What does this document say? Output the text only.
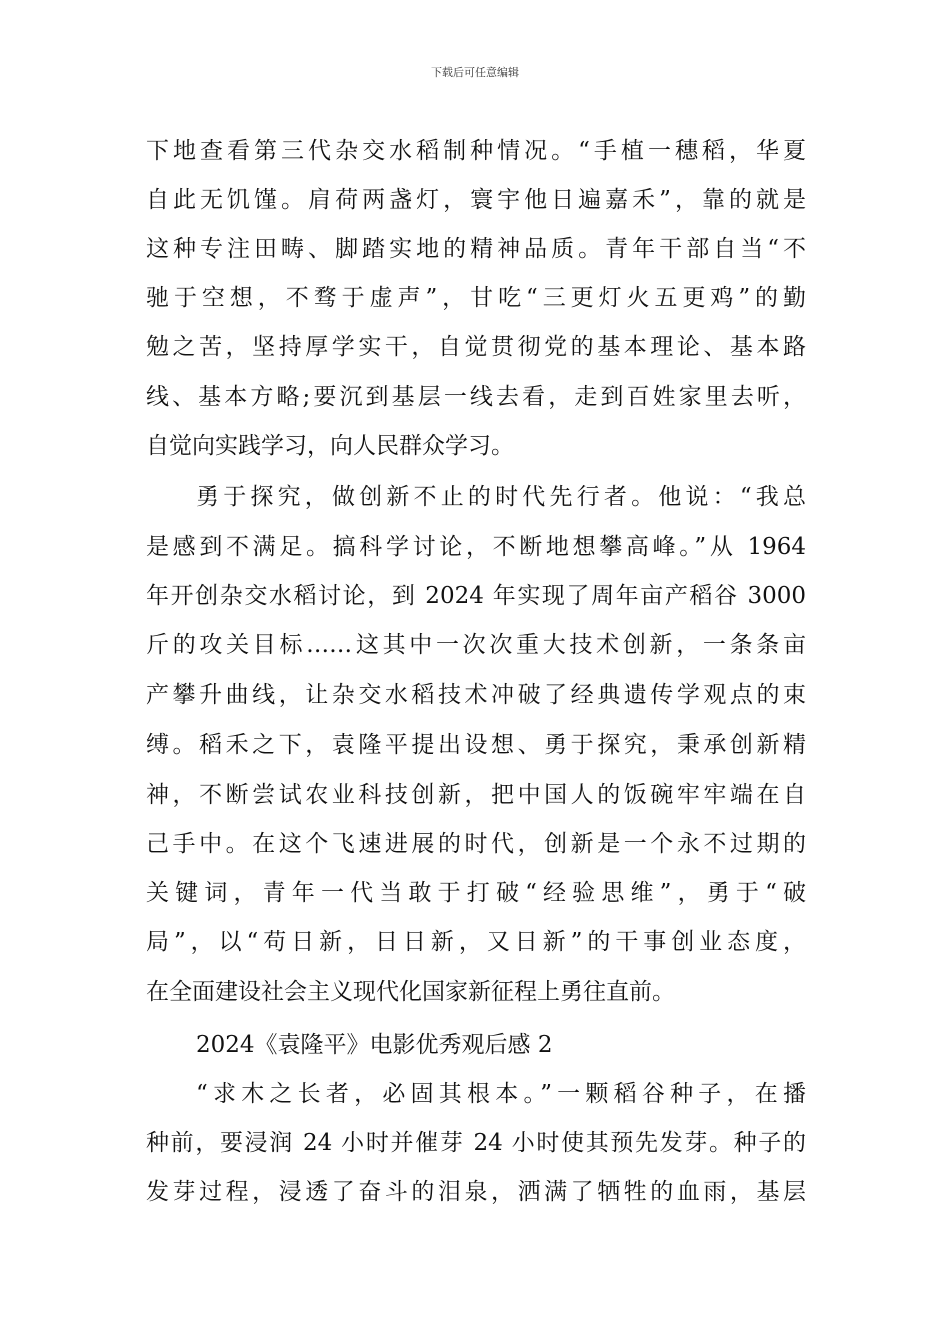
下载后可任意编辑
下地查看第三代杂交水稻制种情况。“手植一穗稻，华夏
自此无饥馑。肩荷两盏灯，寰宇他日遍嘉禾”，靠的就是
这种专注田畴、脚踏实地的精神品质。青年干部自当“不
驰于空想，不骛于虚声”，甘吃“三更灯火五更鸡”的勤
勉之苦，坚持厚学实干，自觉贯彻党的基本理论、基本路
线、基本方略;要沉到基层一线去看，走到百姓家里去听，
自觉向实践学习，向人民群众学习。
勇于探究，做创新不止的时代先行者。他说：“我总
是感到不满足。搞科学讨论，不断地想攀高峰。”从 1964
年开创杂交水稻讨论，到 2024 年实现了周年亩产稻谷 3000
斤的攻关目标……这其中一次次重大技术创新，一条条亩
产攀升曲线，让杂交水稻技术冲破了经典遗传学观点的束
缚。稻禾之下，袁隆平提出设想、勇于探究，秉承创新精
神，不断尝试农业科技创新，把中国人的饭碗牢牢端在自
己手中。在这个飞速进展的时代，创新是一个永不过期的
关键词，青年一代当敢于打破“经验思维”，勇于“破
局”，以“苟日新，日日新，又日新”的干事创业态度，
在全面建设社会主义现代化国家新征程上勇往直前。
2024《袁隆平》电影优秀观后感 2
“求木之长者，必固其根本。”一颗稻谷种子，在播
种前，要浸润 24 小时并催芽 24 小时使其预先发芽。种子的
发芽过程，浸透了奋斗的泪泉，洒满了牺牲的血雨，基层
